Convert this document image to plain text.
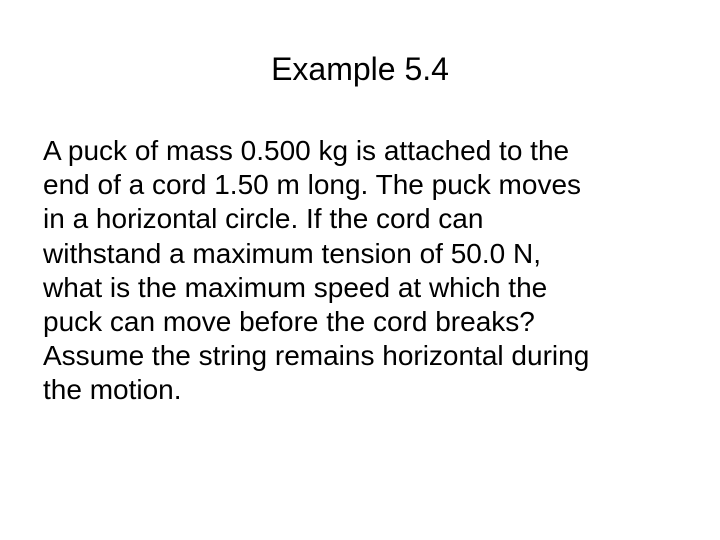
Example 5.4

A puck of mass 0.500 kg is attached to the
end of a cord 1.50 m long. The puck moves
in a horizontal circle. If the cord can
withstand a maximum tension of 50.0 N,
what is the maximum speed at which the
puck can move before the cord breaks?
Assume the string remains horizontal during
the motion.
